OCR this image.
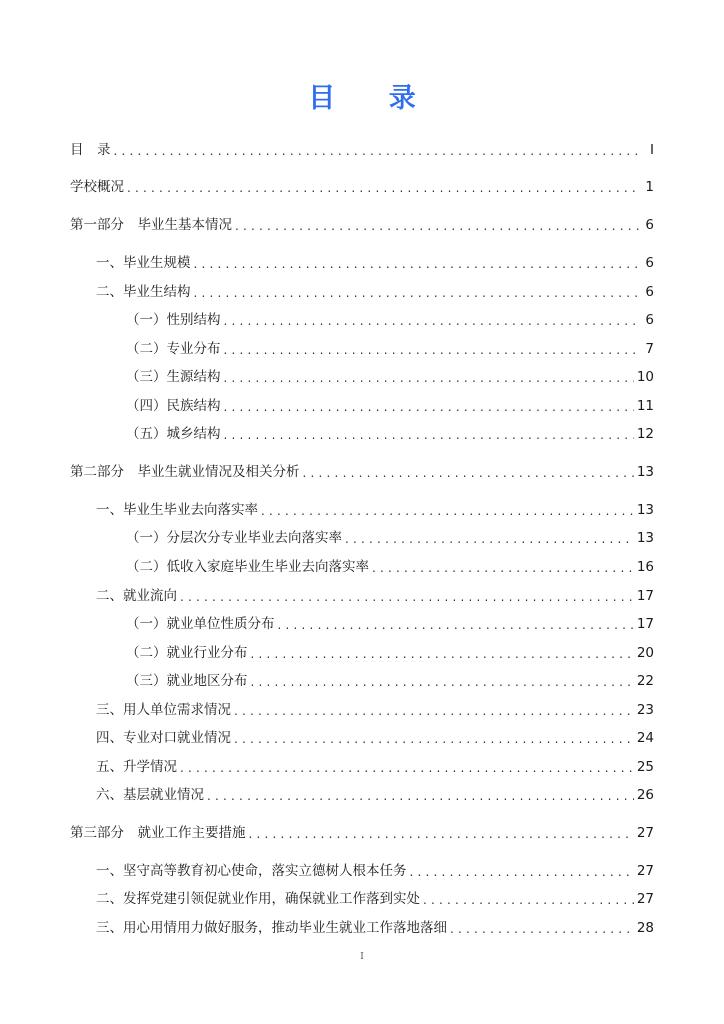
目 录
目　录 .....	I
学校概况 .....	1
第一部分　毕业生基本情况 .....	6
一、毕业生规模 .....	6
二、毕业生结构 .....	6
（一）性别结构 .....	6
（二）专业分布 .....	7
（三）生源结构 .....	10
（四）民族结构 .....	11
（五）城乡结构 .....	12
第二部分　毕业生就业情况及相关分析 .....	13
一、毕业生毕业去向落实率 .....	13
（一）分层次分专业毕业去向落实率 .....	13
（二）低收入家庭毕业生毕业去向落实率 .....	16
二、就业流向 .....	17
（一）就业单位性质分布 .....	17
（二）就业行业分布 .....	20
（三）就业地区分布 .....	22
三、用人单位需求情况 .....	23
四、专业对口就业情况 .....	24
五、升学情况 .....	25
六、基层就业情况 .....	26
第三部分　就业工作主要措施 .....	27
一、坚守高等教育初心使命，落实立德树人根本任务 .....	27
二、发挥党建引领促就业作用，确保就业工作落到实处 .....	27
三、用心用情用力做好服务，推动毕业生就业工作落地落细 .....	28
I
